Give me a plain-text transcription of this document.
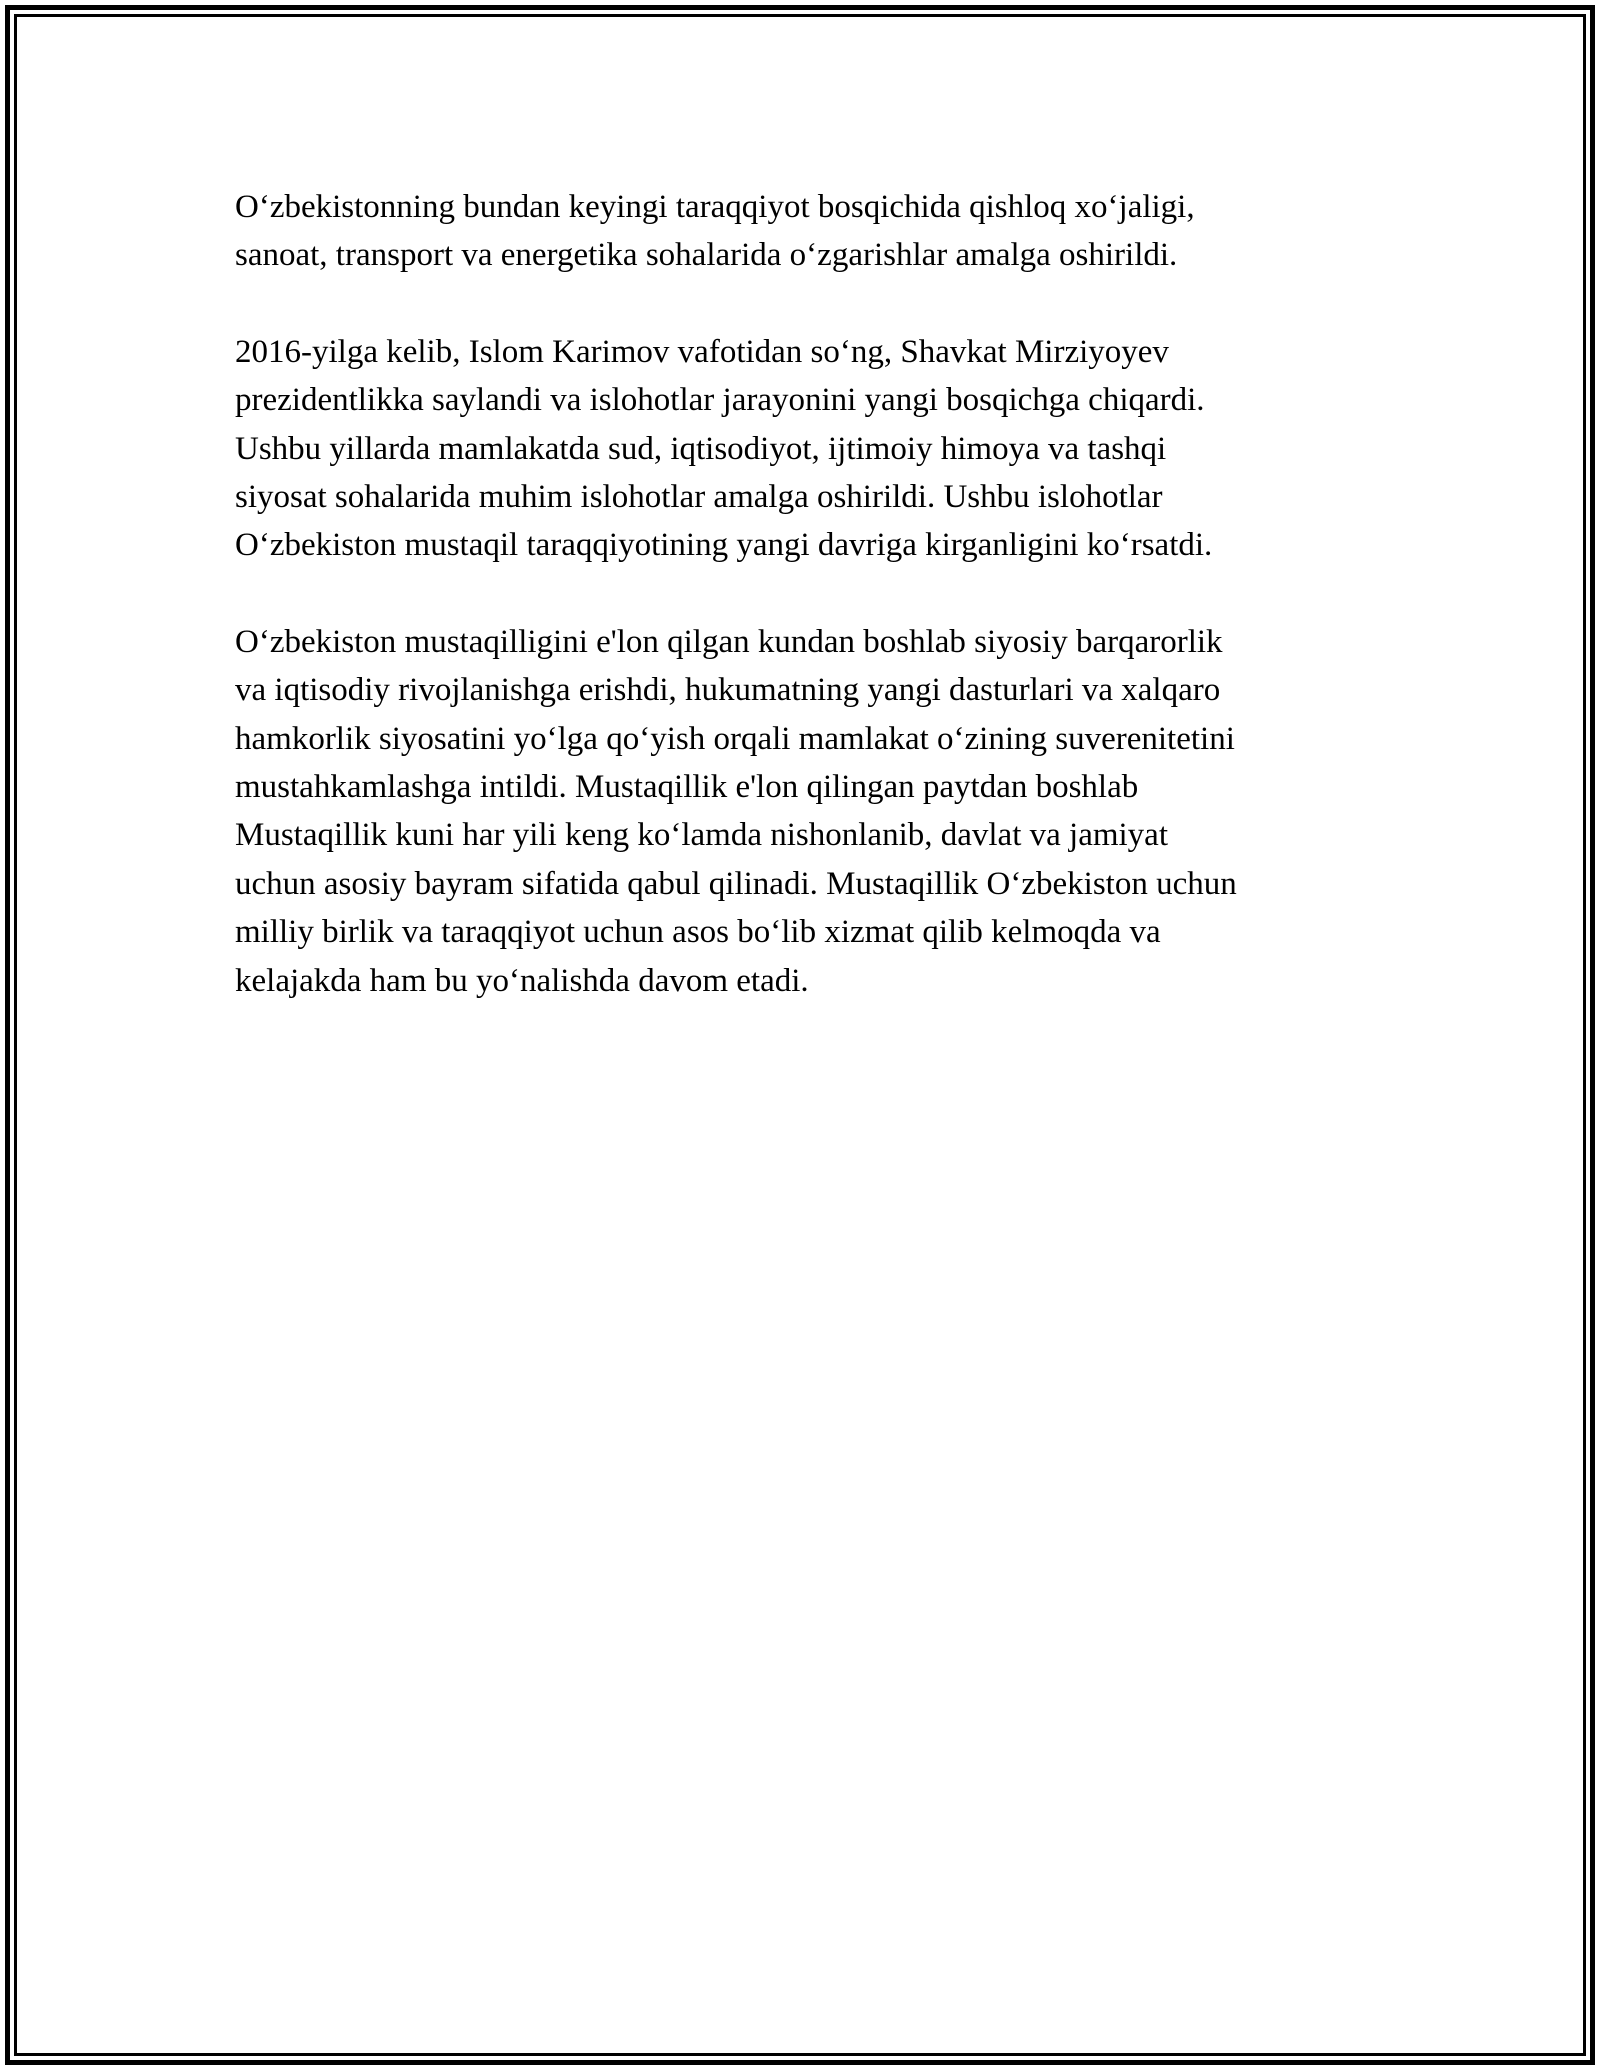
O‘zbekistonning bundan keyingi taraqqiyot bosqichida qishloq xo‘jaligi,
sanoat, transport va energetika sohalarida o‘zgarishlar amalga oshirildi.

2016-yilga kelib, Islom Karimov vafotidan so‘ng, Shavkat Mirziyoyev
prezidentlikka saylandi va islohotlar jarayonini yangi bosqichga chiqardi.
Ushbu yillarda mamlakatda sud, iqtisodiyot, ijtimoiy himoya va tashqi
siyosat sohalarida muhim islohotlar amalga oshirildi. Ushbu islohotlar
O‘zbekiston mustaqil taraqqiyotining yangi davriga kirganligini ko‘rsatdi.

O‘zbekiston mustaqilligini e'lon qilgan kundan boshlab siyosiy barqarorlik
va iqtisodiy rivojlanishga erishdi, hukumatning yangi dasturlari va xalqaro
hamkorlik siyosatini yo‘lga qo‘yish orqali mamlakat o‘zining suverenitetini
mustahkamlashga intildi. Mustaqillik e'lon qilingan paytdan boshlab
Mustaqillik kuni har yili keng ko‘lamda nishonlanib, davlat va jamiyat
uchun asosiy bayram sifatida qabul qilinadi. Mustaqillik O‘zbekiston uchun
milliy birlik va taraqqiyot uchun asos bo‘lib xizmat qilib kelmoqda va
kelajakda ham bu yo‘nalishda davom etadi.
